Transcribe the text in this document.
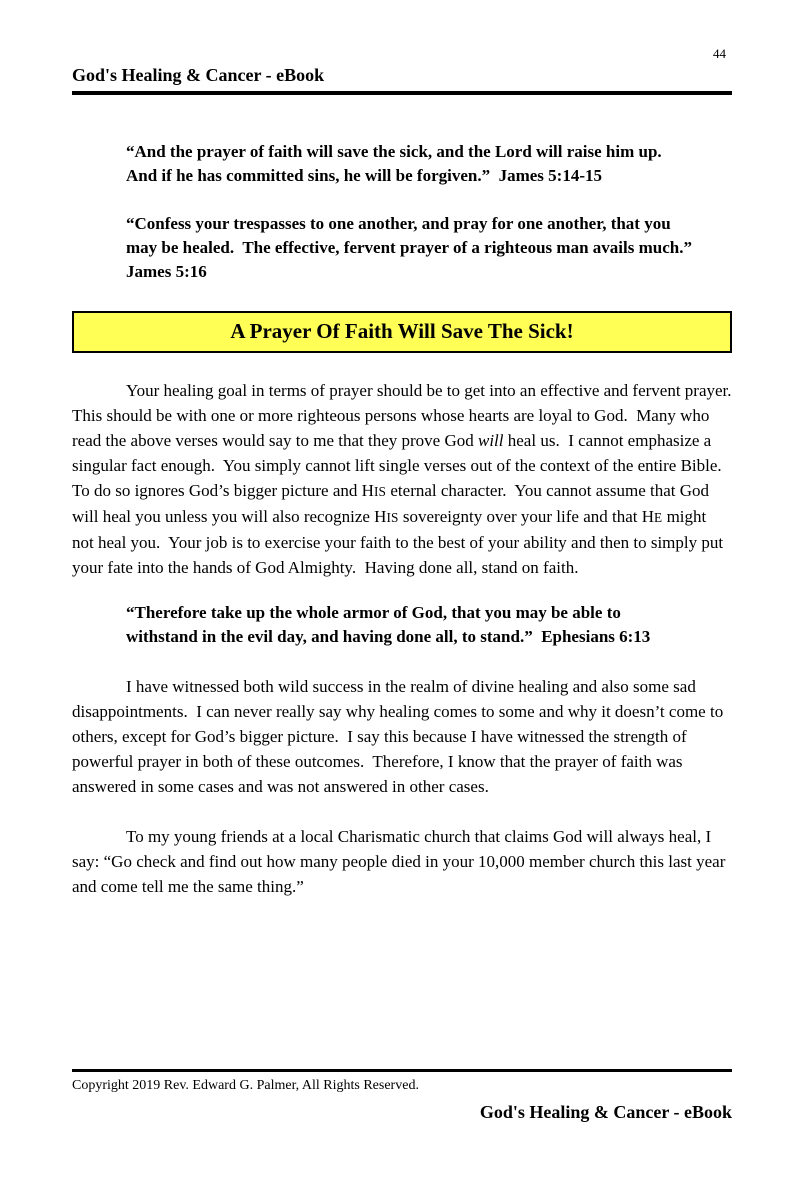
44
God's Healing & Cancer - eBook
“And the prayer of faith will save the sick, and the Lord will raise him up.  And if he has committed sins, he will be forgiven.”  James 5:14-15
“Confess your trespasses to one another, and pray for one another, that you may be healed.  The effective, fervent prayer of a righteous man avails much.”  James 5:16
A Prayer Of Faith Will Save The Sick!
Your healing goal in terms of prayer should be to get into an effective and fervent prayer.  This should be with one or more righteous persons whose hearts are loyal to God.  Many who read the above verses would say to me that they prove God will heal us.  I cannot emphasize a singular fact enough.  You simply cannot lift single verses out of the context of the entire Bible.  To do so ignores God’s bigger picture and HIS eternal character.  You cannot assume that God will heal you unless you will also recognize HIS sovereignty over your life and that HE might not heal you.  Your job is to exercise your faith to the best of your ability and then to simply put your fate into the hands of God Almighty.  Having done all, stand on faith.
“Therefore take up the whole armor of God, that you may be able to withstand in the evil day, and having done all, to stand.”  Ephesians 6:13
I have witnessed both wild success in the realm of divine healing and also some sad disappointments.  I can never really say why healing comes to some and why it doesn’t come to others, except for God’s bigger picture.  I say this because I have witnessed the strength of powerful prayer in both of these outcomes.  Therefore, I know that the prayer of faith was answered in some cases and was not answered in other cases.
To my young friends at a local Charismatic church that claims God will always heal, I say: “Go check and find out how many people died in your 10,000 member church this last year and come tell me the same thing.”
Copyright 2019 Rev. Edward G. Palmer, All Rights Reserved.
God's Healing & Cancer - eBook
